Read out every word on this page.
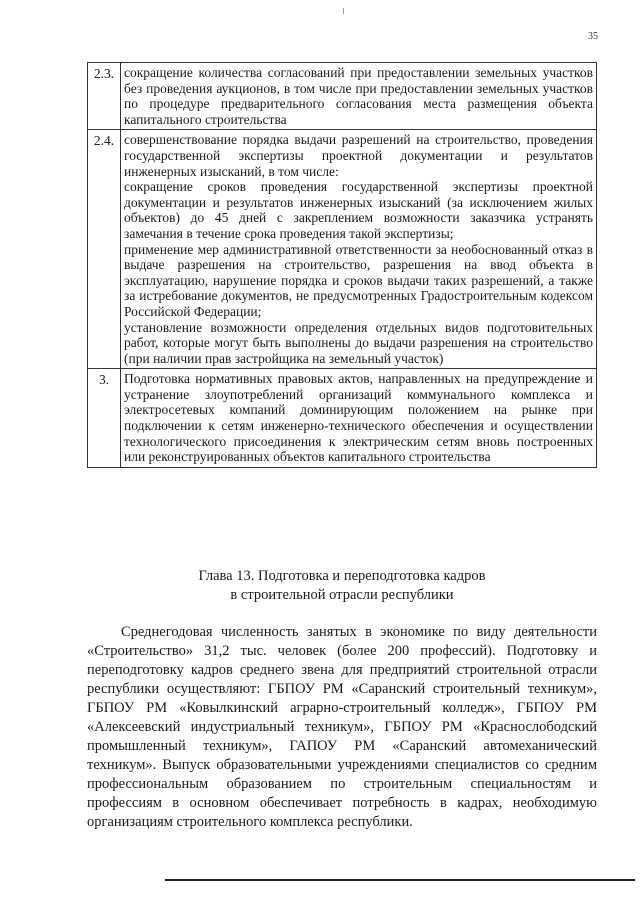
35
2.3.	сокращение количества согласований при предоставлении земельных участков без проведения аукционов, в том числе при предоставлении земельных участков по процедуре предварительного согласования места размещения объекта капитального строительства

2.4.	совершенствование порядка выдачи разрешений на строительство, проведения государственной экспертизы проектной документации и результатов инженерных изысканий, в том числе:
сокращение сроков проведения государственной экспертизы проектной документации и результатов инженерных изысканий (за исключением жилых объектов) до 45 дней с закреплением возможности заказчика устранять замечания в течение срока проведения такой экспертизы;
применение мер административной ответственности за необоснованный отказ в выдаче разрешения на строительство, разрешения на ввод объекта в эксплуатацию, нарушение порядка и сроков выдачи таких разрешений, а также за истребование документов, не предусмотренных Градостроительным кодексом Российской Федерации;
установление возможности определения отдельных видов подготовительных работ, которые могут быть выполнены до выдачи разрешения на строительство (при наличии прав застройщика на земельный участок)

3.	Подготовка нормативных правовых актов, направленных на предупреждение и устранение злоупотреблений организаций коммунального комплекса и электросетевых компаний доминирующим положением на рынке при подключении к сетям инженерно-технического обеспечения и осуществлении технологического присоединения к электрическим сетям вновь построенных или реконструированных объектов капитального строительства
Глава 13. Подготовка и переподготовка кадров
в строительной отрасли республики
Среднегодовая численность занятых в экономике по виду деятельности «Строительство» 31,2 тыс. человек (более 200 профессий). Подготовку и переподготовку кадров среднего звена для предприятий строительной отрасли республики осуществляют: ГБПОУ РМ «Саранский строительный техникум», ГБПОУ РМ «Ковылкинский аграрно-строительный колледж», ГБПОУ РМ «Алексеевский индустриальный техникум», ГБПОУ РМ «Краснослободский промышленный техникум», ГАПОУ РМ «Саранский автомеханический техникум». Выпуск образовательными учреждениями специалистов со средним профессиональным образованием по строительным специальностям и профессиям в основном обеспечивает потребность в кадрах, необходимую организациям строительного комплекса республики.
